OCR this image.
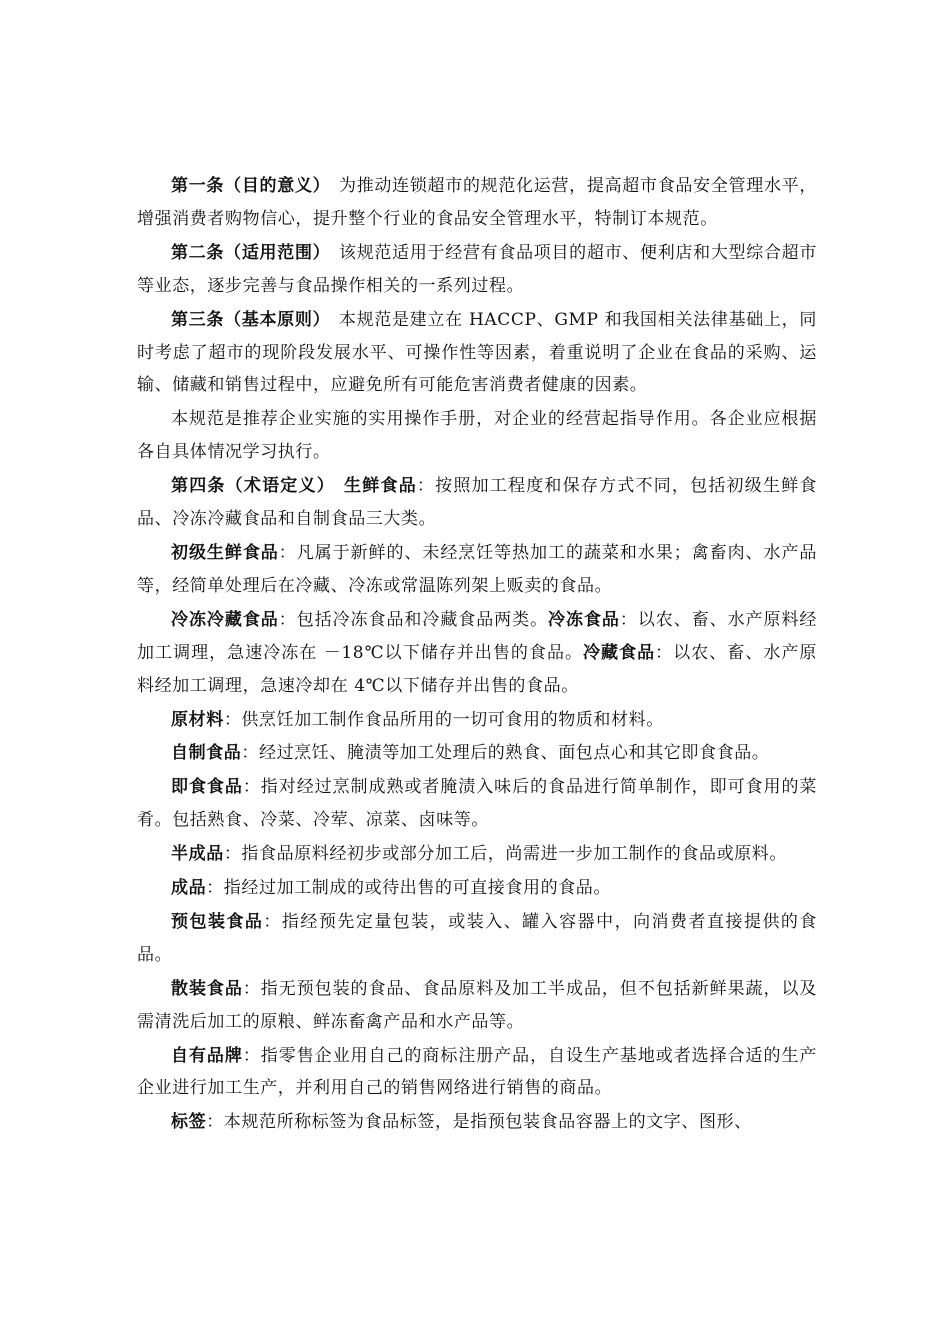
第一条（目的意义） 为推动连锁超市的规范化运营，提高超市食品安全管理水平，增强消费者购物信心，提升整个行业的食品安全管理水平，特制订本规范。

第二条（适用范围） 该规范适用于经营有食品项目的超市、便利店和大型综合超市等业态，逐步完善与食品操作相关的一系列过程。

第三条（基本原则） 本规范是建立在 HACCP、GMP 和我国相关法律基础上，同时考虑了超市的现阶段发展水平、可操作性等因素，着重说明了企业在食品的采购、运输、储藏和销售过程中，应避免所有可能危害消费者健康的因素。

本规范是推荐企业实施的实用操作手册，对企业的经营起指导作用。各企业应根据各自具体情况学习执行。

第四条（术语定义） 生鲜食品：按照加工程度和保存方式不同，包括初级生鲜食品、冷冻冷藏食品和自制食品三大类。

初级生鲜食品：凡属于新鲜的、未经烹饪等热加工的蔬菜和水果；禽畜肉、水产品等，经简单处理后在冷藏、冷冻或常温陈列架上贩卖的食品。

冷冻冷藏食品：包括冷冻食品和冷藏食品两类。冷冻食品：以农、畜、水产原料经加工调理，急速冷冻在 －18℃以下储存并出售的食品。冷藏食品：以农、畜、水产原料经加工调理，急速冷却在 4℃以下储存并出售的食品。

原材料：供烹饪加工制作食品所用的一切可食用的物质和材料。

自制食品：经过烹饪、腌渍等加工处理后的熟食、面包点心和其它即食食品。

即食食品：指对经过烹制成熟或者腌渍入味后的食品进行简单制作，即可食用的菜肴。包括熟食、冷菜、冷荤、凉菜、卤味等。

半成品：指食品原料经初步或部分加工后，尚需进一步加工制作的食品或原料。

成品：指经过加工制成的或待出售的可直接食用的食品。

预包装食品：指经预先定量包装，或装入、罐入容器中，向消费者直接提供的食品。

散装食品：指无预包装的食品、食品原料及加工半成品，但不包括新鲜果蔬，以及需清洗后加工的原粮、鲜冻畜禽产品和水产品等。

自有品牌：指零售企业用自己的商标注册产品，自设生产基地或者选择合适的生产企业进行加工生产，并利用自己的销售网络进行销售的商品。

标签：本规范所称标签为食品标签，是指预包装食品容器上的文字、图形、
